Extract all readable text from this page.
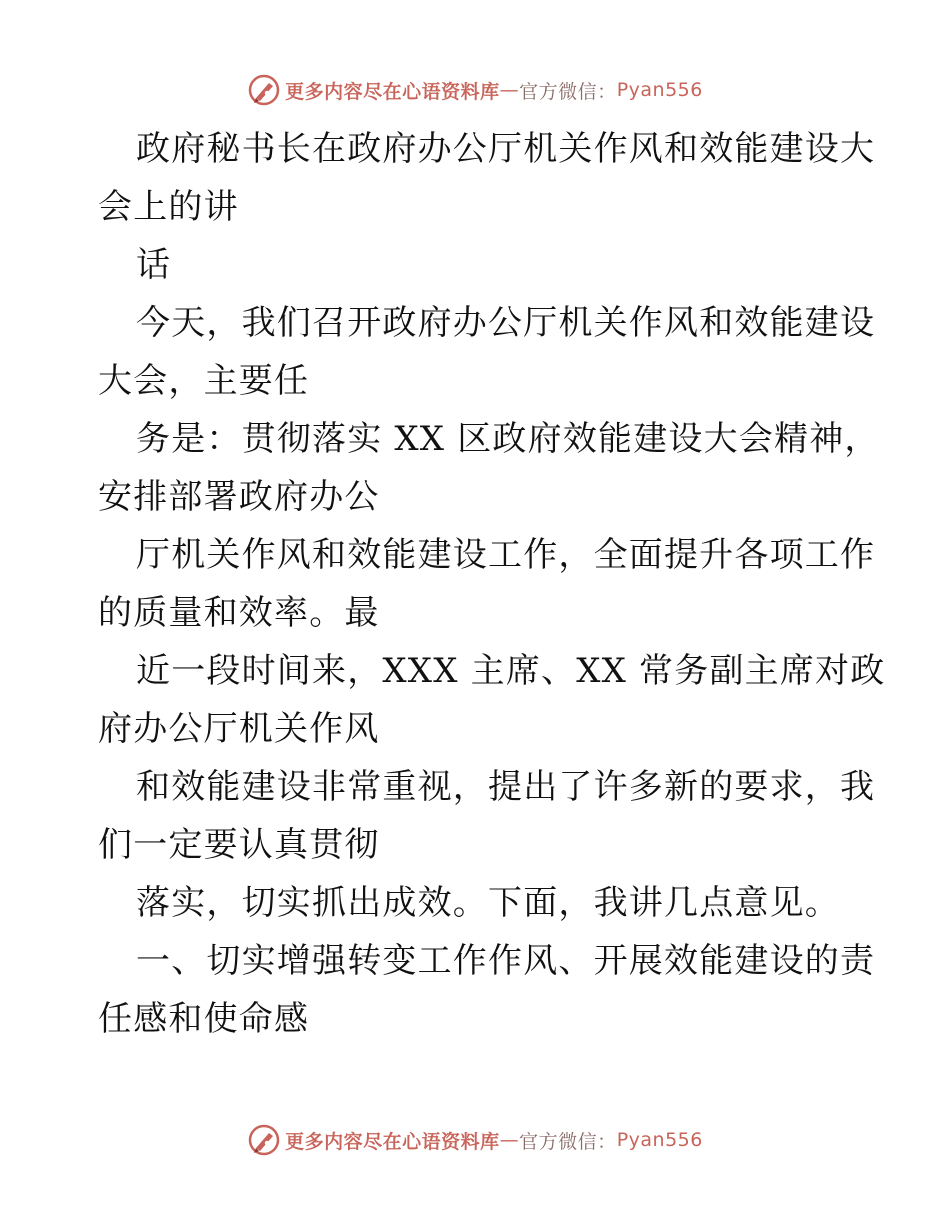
更多内容尽在心语资料库 — 官方微信： Pyan556
政府秘书长在政府办公厅机关作风和效能建设大
会上的讲
话
今天，我们召开政府办公厅机关作风和效能建设
大会，主要任
务是：贯彻落实 XX 区政府效能建设大会精神，
安排部署政府办公
厅机关作风和效能建设工作，全面提升各项工作
的质量和效率。最
近一段时间来，XXX 主席、XX 常务副主席对政
府办公厅机关作风
和效能建设非常重视，提出了许多新的要求，我
们一定要认真贯彻
落实，切实抓出成效。下面，我讲几点意见。
一、切实增强转变工作作风、开展效能建设的责
任感和使命感
更多内容尽在心语资料库 — 官方微信： Pyan556
